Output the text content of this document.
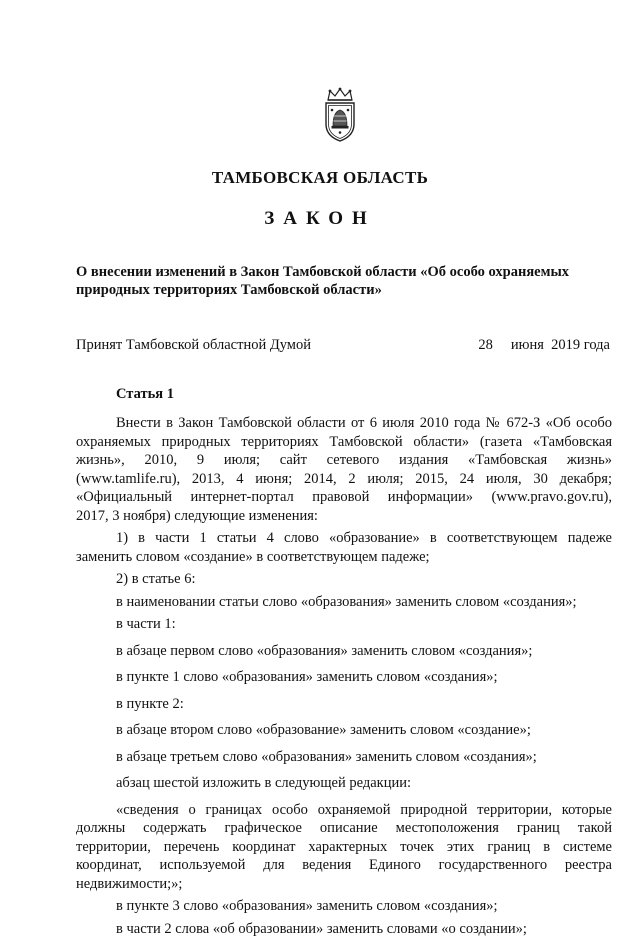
ТАМБОВСКАЯ ОБЛАСТЬ
ЗАКОН
О внесении изменений в Закон Тамбовской области «Об особо охраняемых
природных территориях Тамбовской области»
Принят Тамбовской областной Думой	28 июня  2019 года
Статья 1

Внести в Закон Тамбовской области от 6 июля 2010 года № 672-З «Об особо

охраняемых природных территориях Тамбовской области» (газета «Тамбовская

жизнь», 2010, 9 июля; сайт сетевого издания «Тамбовская жизнь»

(www.tamlife.ru), 2013, 4 июня; 2014, 2 июля; 2015, 24 июля, 30 декабря;

«Официальный интернет-портал правовой информации» (www.pravo.gov.ru),

2017, 3 ноября) следующие изменения:

1) в части 1 статьи 4 слово «образование» в соответствующем падеже

заменить словом «создание» в соответствующем падеже;

2) в статье 6:

в наименовании статьи слово «образования» заменить словом «создания»;

в части 1:

в абзаце первом слово «образования» заменить словом «создания»;

в пункте 1 слово «образования» заменить словом «создания»;

в пункте 2:

в абзаце втором слово «образование» заменить словом «создание»;

в абзаце третьем слово «образования» заменить словом «создания»;

абзац шестой изложить в следующей редакции:

«сведения о границах особо охраняемой природной территории, которые

должны содержать графическое описание местоположения границ такой

территории, перечень координат характерных точек этих границ в системе

координат, используемой для ведения Единого государственного реестра

недвижимости;»;

в пункте 3 слово «образования» заменить словом «создания»;

в части 2 слова «об образовании» заменить словами «о создании»;
